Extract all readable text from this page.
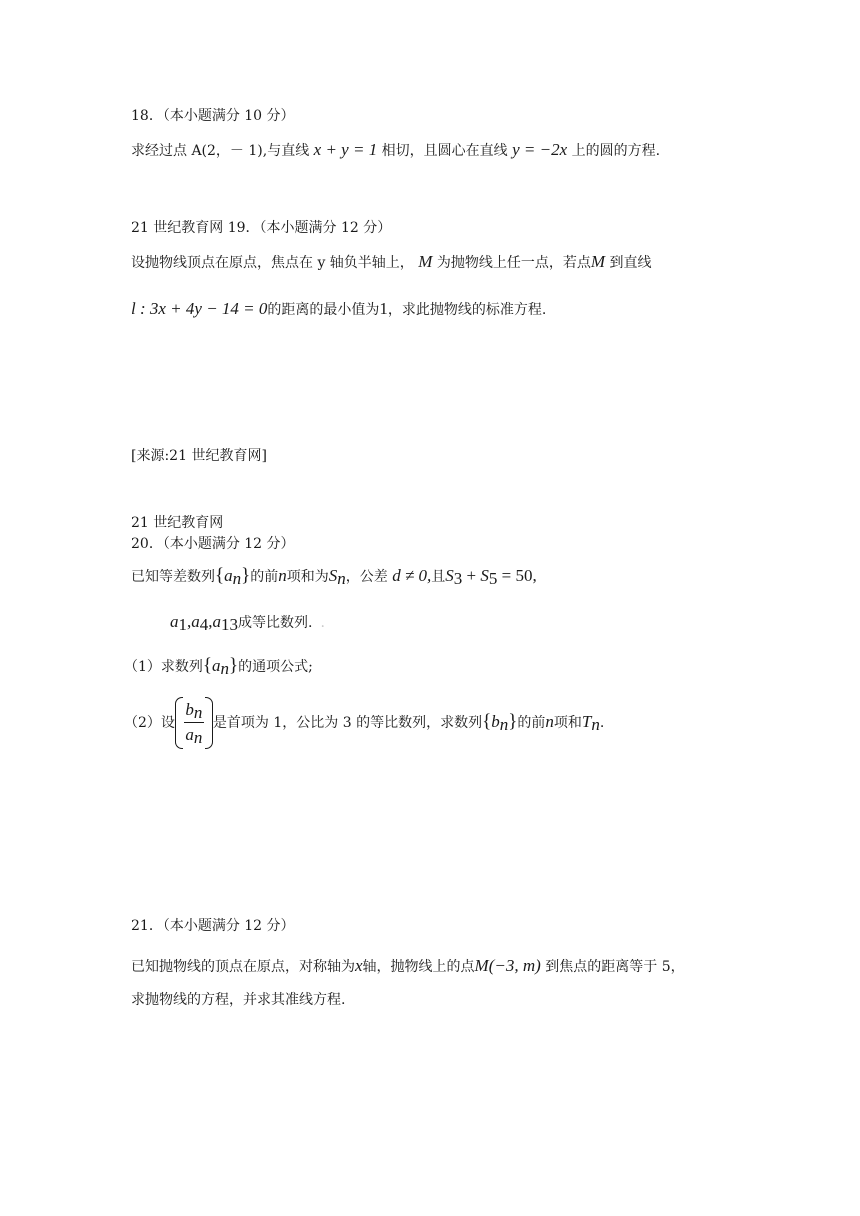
18．（本小题满分 10 分）
求经过点 A(2，－ 1),与直线 x + y = 1 相切，且圆心在直线 y = −2x 上的圆的方程.
21 世纪教育网 19．（本小题满分 12 分）
设抛物线顶点在原点，焦点在 y 轴负半轴上， M 为抛物线上任一点，若点M 到直线
l : 3x + 4y − 14 = 0的距离的最小值为1，求此抛物线的标准方程.
[来源:21 世纪教育网]
21 世纪教育网
20．（本小题满分 12 分）
已知等差数列$\{a_n\}$的前n项和为$S_n$，公差 d ≠ 0,且$S_3 + S_5 = 50$,
$a_1,a_4,a_{13}$成等比数列. .
（1）求数列$\{a_n\}$的通项公式;
（2）设
$b_n$
$a_n$
是首项为 1，公比为 3 的等比数列，求数列$\{b_n\}$的前n项和$T_n$.
21．（本小题满分 12 分）
已知抛物线的顶点在原点，对称轴为x轴，抛物线上的点M(−3, m) 到焦点的距离等于 5，
求抛物线的方程，并求其准线方程.
